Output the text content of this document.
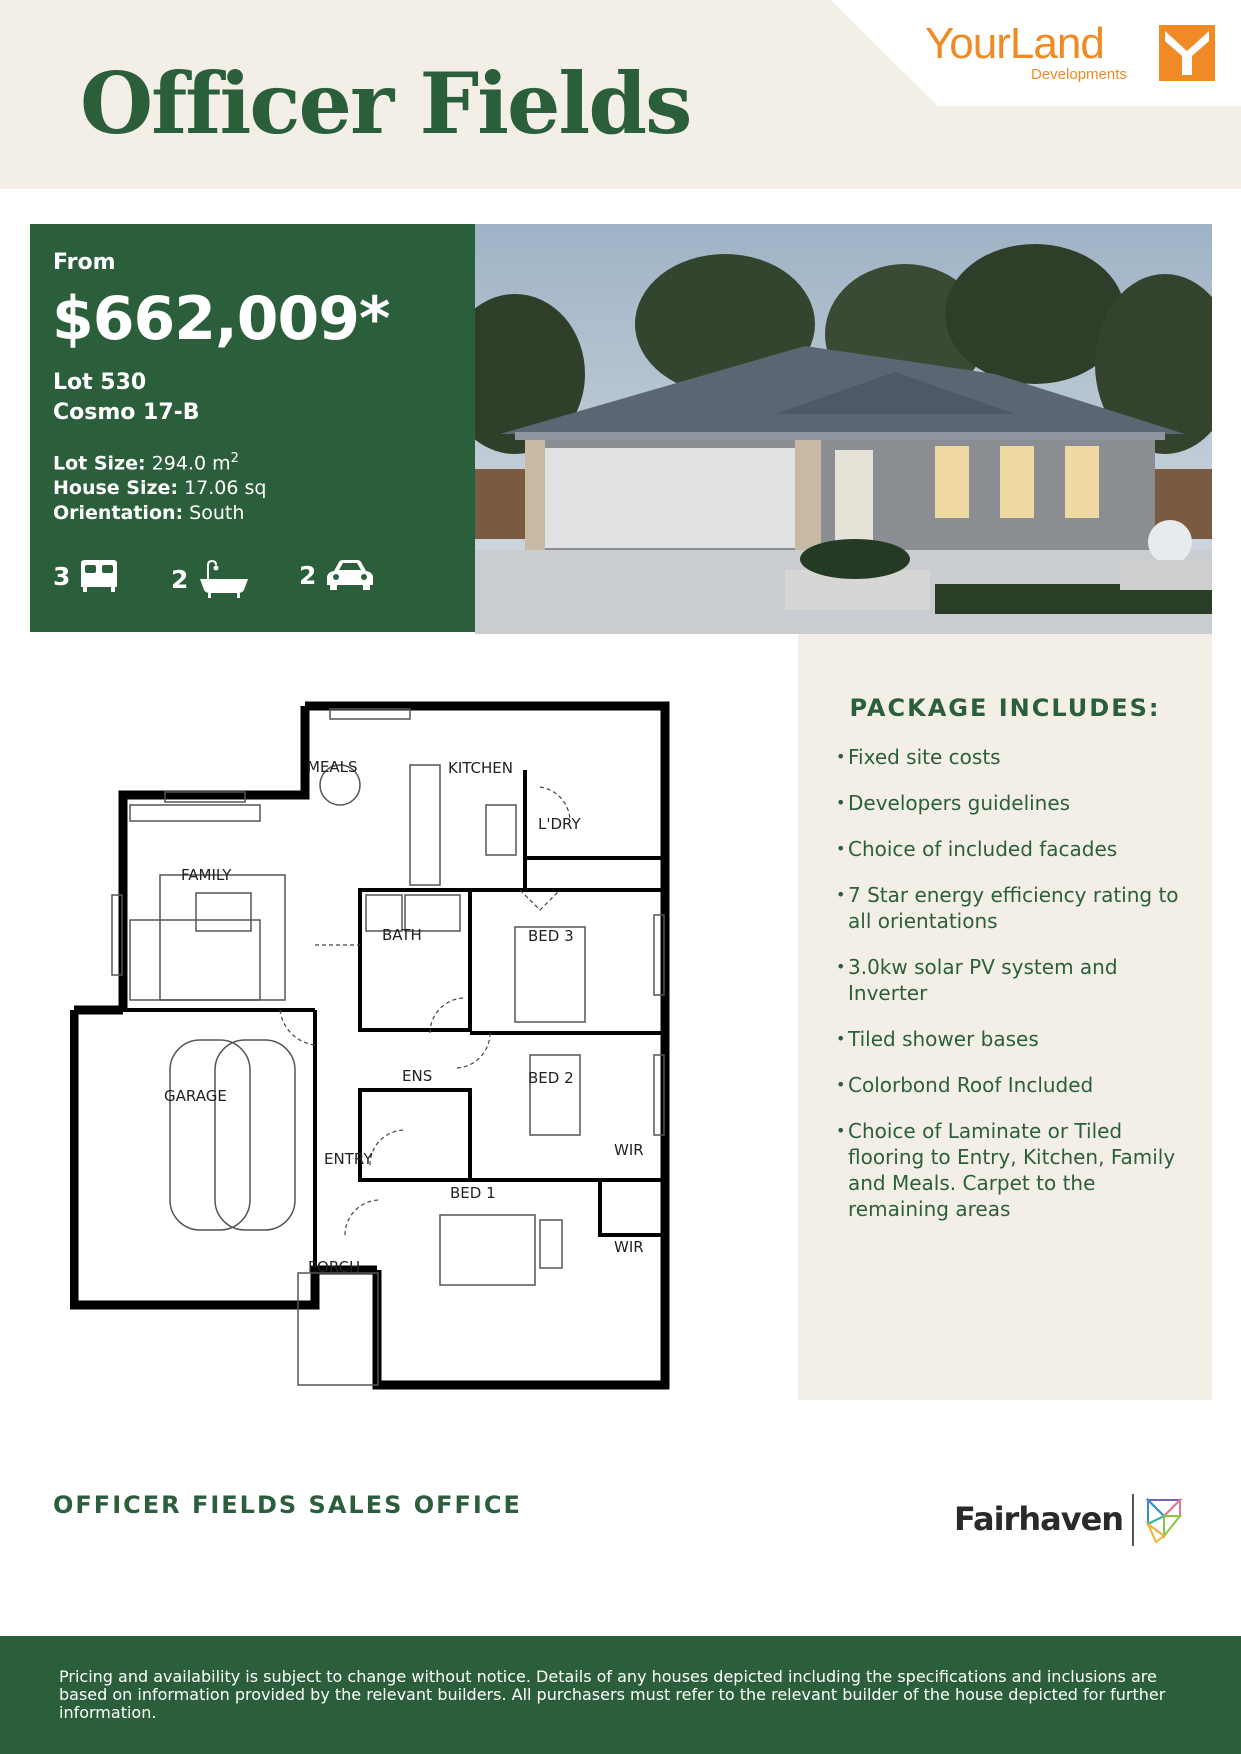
Officer Fields
YourLand
Developments
From
$662,009*
Lot 530
Cosmo 17-B
Lot Size: 294.0 $m^2$
House Size: 17.06 sq
Orientation: South
3	2	2
MEALS	KITCHEN
L'DRY
FAMILY
BATH	BED 3
GARAGE
ENS	BED 2
WIR
ENTRY
BED 1
WIR
PORCH
PACKAGE INCLUDES:
• Fixed site costs
• Developers guidelines
• Choice of included facades
• 7 Star energy efficiency rating to all orientations
• 3.0kw solar PV system and Inverter
• Tiled shower bases
• Colorbond Roof Included
• Choice of Laminate or Tiled flooring to Entry, Kitchen, Family and Meals. Carpet to the remaining areas
OFFICER FIELDS SALES OFFICE	Fairhaven

Pricing and availability is subject to change without notice. Details of any houses depicted including the specifications and inclusions are based on information provided by the relevant builders. All purchasers must refer to the relevant builder of the house depicted for further information.
